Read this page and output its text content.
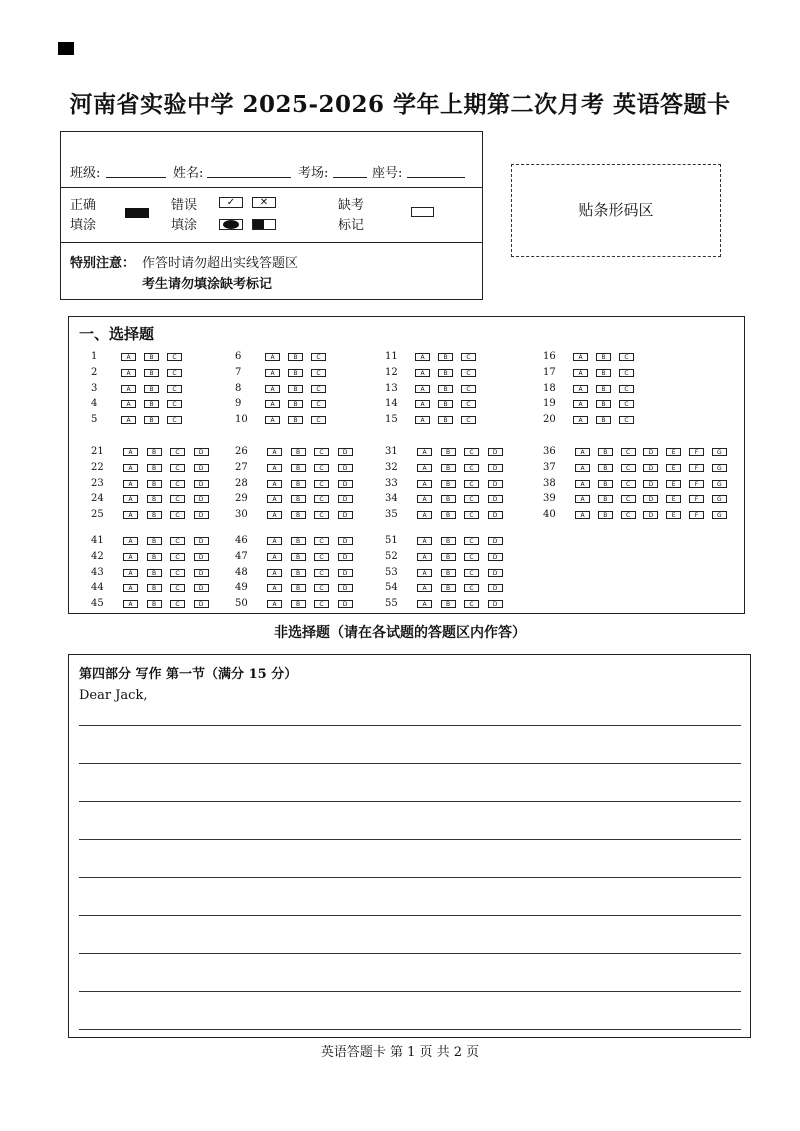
河南省实验中学 2025-2026 学年上期第二次月考 英语答题卡
班级:	姓名:	考场:	座号:
正确
填涂
错误
填涂
✓	✕	缺考
标记
特别注意： 作答时请勿超出实线答题区
考生请勿填涂缺考标记
贴条形码区
一、选择题
1	A	B	C
2	A	B	C
3	A	B	C
4	A	B	C
5	A	B	C
6	A	B	C
7	A	B	C
8	A	B	C
9	A	B	C
10	A	B	C
11	A	B	C
12	A	B	C
13	A	B	C
14	A	B	C
15	A	B	C
16	A	B	C
17	A	B	C
18	A	B	C
19	A	B	C
20	A	B	C
21	A	B	C	D
22	A	B	C	D
23	A	B	C	D
24	A	B	C	D
25	A	B	C	D
26	A	B	C	D
27	A	B	C	D
28	A	B	C	D
29	A	B	C	D
30	A	B	C	D
31	A	B	C	D
32	A	B	C	D
33	A	B	C	D
34	A	B	C	D
35	A	B	C	D
36	A	B	C	D	E	F	G
37	A	B	C	D	E	F	G
38	A	B	C	D	E	F	G
39	A	B	C	D	E	F	G
40	A	B	C	D	E	F	G
41	A	B	C	D
42	A	B	C	D
43	A	B	C	D
44	A	B	C	D
45	A	B	C	D
46	A	B	C	D
47	A	B	C	D
48	A	B	C	D
49	A	B	C	D
50	A	B	C	D
51	A	B	C	D
52	A	B	C	D
53	A	B	C	D
54	A	B	C	D
55	A	B	C	D
非选择题（请在各试题的答题区内作答）
第四部分 写作 第一节（满分 15 分）
Dear Jack,
英语答题卡 第 1 页 共 2 页
